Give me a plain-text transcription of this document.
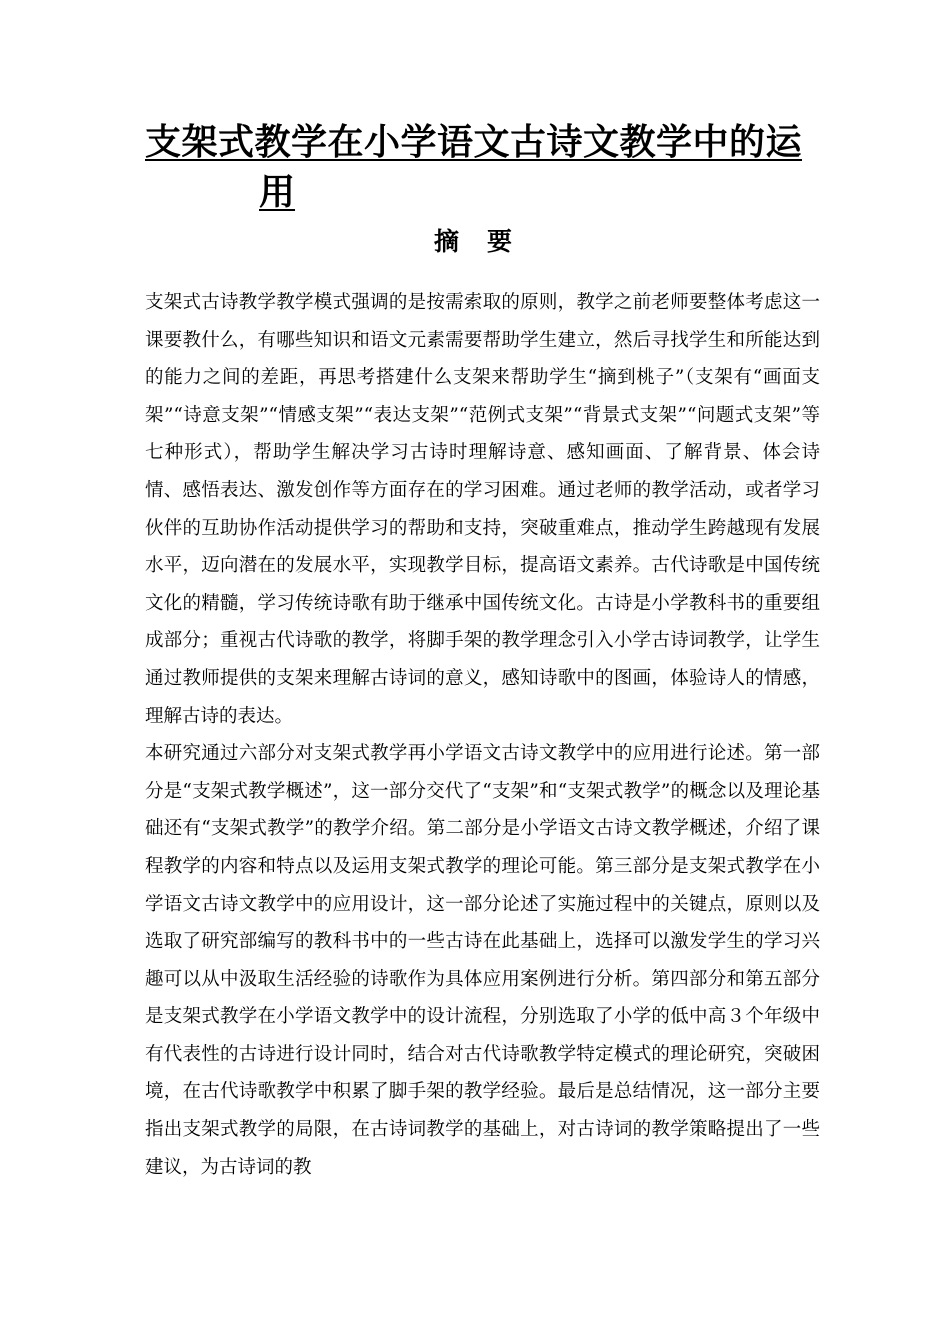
支架式教学在小学语文古诗文教学中的运
用
摘要

支架式古诗教学教学模式强调的是按需索取的原则，教学之前老师要整体考虑这一课要教什么，有哪些知识和语文元素需要帮助学生建立，然后寻找学生和所能达到的能力之间的差距，再思考搭建什么支架来帮助学生“摘到桃子”（支架有“画面支架”“诗意支架”“情感支架”“表达支架”“范例式支架”“背景式支架”“问题式支架”等七种形式），帮助学生解决学习古诗时理解诗意、感知画面、了解背景、体会诗情、感悟表达、激发创作等方面存在的学习困难。通过老师的教学活动，或者学习伙伴的互助协作活动提供学习的帮助和支持，突破重难点，推动学生跨越现有发展水平，迈向潜在的发展水平，实现教学目标，提高语文素养。古代诗歌是中国传统文化的精髓，学习传统诗歌有助于继承中国传统文化。古诗是小学教科书的重要组成部分；重视古代诗歌的教学，将脚手架的教学理念引入小学古诗词教学，让学生通过教师提供的支架来理解古诗词的意义，感知诗歌中的图画，体验诗人的情感，理解古诗的表达。

本研究通过六部分对支架式教学再小学语文古诗文教学中的应用进行论述。第一部分是“支架式教学概述”，这一部分交代了“支架”和“支架式教学”的概念以及理论基础还有“支架式教学”的教学介绍。第二部分是小学语文古诗文教学概述，介绍了课程教学的内容和特点以及运用支架式教学的理论可能。第三部分是支架式教学在小学语文古诗文教学中的应用设计，这一部分论述了实施过程中的关键点，原则以及选取了研究部编写的教科书中的一些古诗在此基础上，选择可以激发学生的学习兴趣可以从中汲取生活经验的诗歌作为具体应用案例进行分析。第四部分和第五部分是支架式教学在小学语文教学中的设计流程，分别选取了小学的低中高３个年级中有代表性的古诗进行设计同时，结合对古代诗歌教学特定模式的理论研究，突破困境，在古代诗歌教学中积累了脚手架的教学经验。最后是总结情况，这一部分主要指出支架式教学的局限，在古诗词教学的基础上，对古诗词的教学策略提出了一些建议，为古诗词的教
